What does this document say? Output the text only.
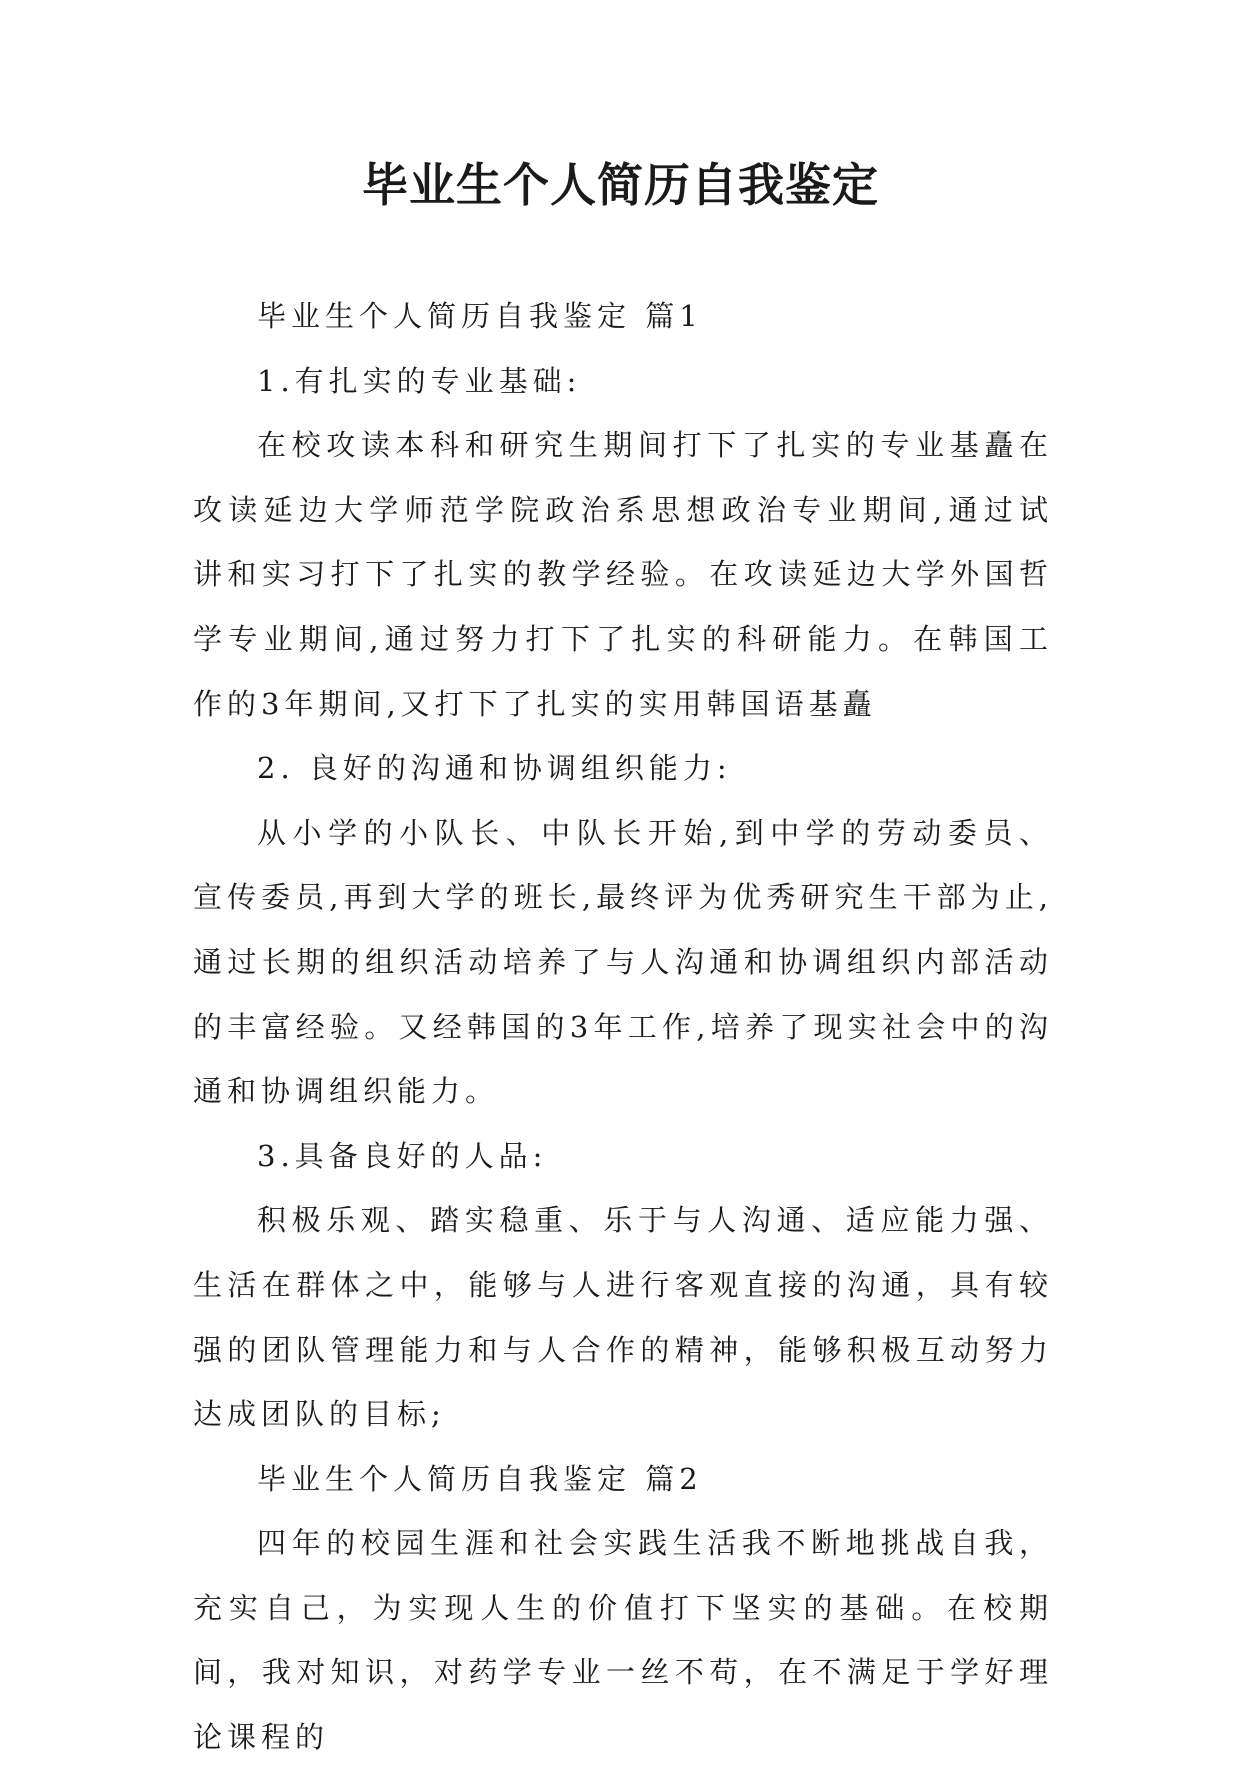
毕业生个人简历自我鉴定

毕业生个人简历自我鉴定 篇1

1.有扎实的专业基础:

在校攻读本科和研究生期间打下了扎实的专业基矗在攻读延边大学师范学院政治系思想政治专业期间,通过试讲和实习打下了扎实的教学经验。在攻读延边大学外国哲学专业期间,通过努力打下了扎实的科研能力。在韩国工作的3年期间,又打下了扎实的实用韩国语基矗

2. 良好的沟通和协调组织能力:

从小学的小队长、中队长开始,到中学的劳动委员、宣传委员,再到大学的班长,最终评为优秀研究生干部为止,通过长期的组织活动培养了与人沟通和协调组织内部活动的丰富经验。又经韩国的3年工作,培养了现实社会中的沟通和协调组织能力。

3.具备良好的人品:

积极乐观、踏实稳重、乐于与人沟通、适应能力强、生活在群体之中，能够与人进行客观直接的沟通，具有较强的团队管理能力和与人合作的精神，能够积极互动努力达成团队的目标;

毕业生个人简历自我鉴定 篇2

四年的校园生涯和社会实践生活我不断地挑战自我，充实自己，为实现人生的价值打下坚实的基础。在校期间，我对知识，对药学专业一丝不苟，在不满足于学好理论课程的
